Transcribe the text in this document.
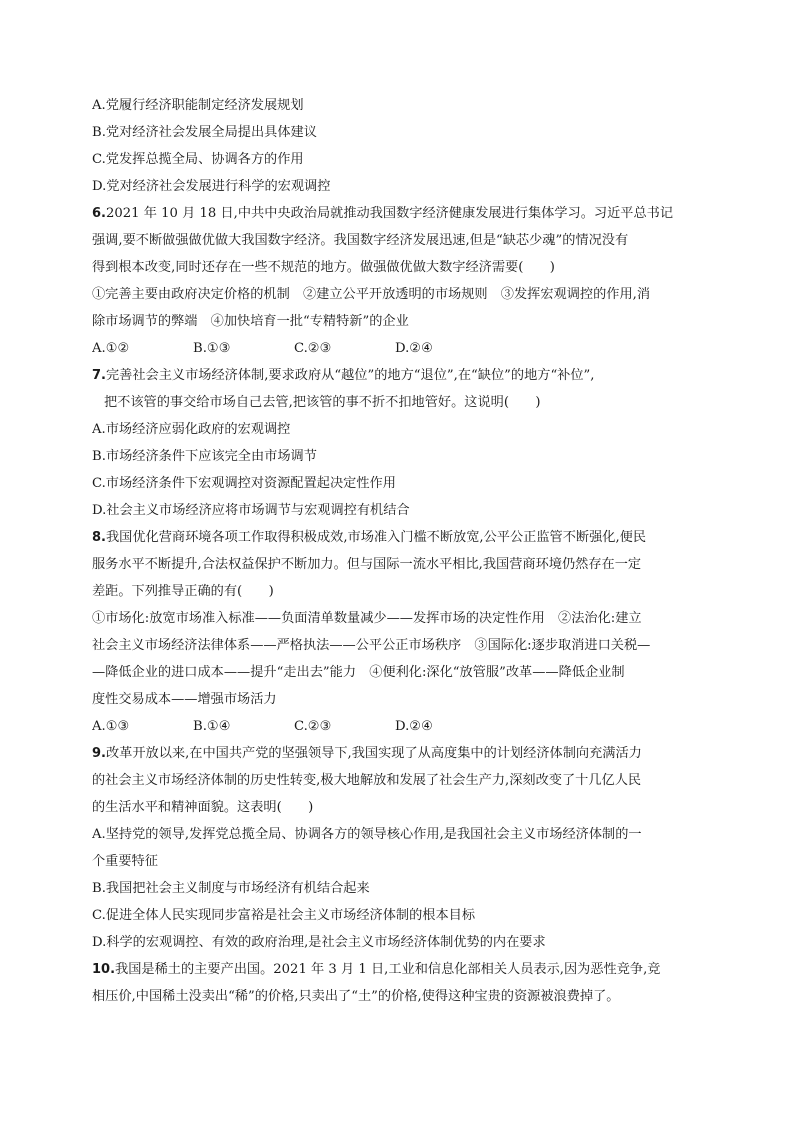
A.党履行经济职能制定经济发展规划
B.党对经济社会发展全局提出具体建议
C.党发挥总揽全局、协调各方的作用
D.党对经济社会发展进行科学的宏观调控
6.2021 年 10 月 18 日,中共中央政治局就推动我国数字经济健康发展进行集体学习。习近平总书记
强调,要不断做强做优做大我国数字经济。我国数字经济发展迅速,但是“缺芯少魂”的情况没有
得到根本改变,同时还存在一些不规范的地方。做强做优做大数字经济需要(　　)
①完善主要由政府决定价格的机制　②建立公平开放透明的市场规则　③发挥宏观调控的作用,消
除市场调节的弊端　④加快培育一批“专精特新”的企业
A.①②	B.①③	C.②③	D.②④
7.完善社会主义市场经济体制,要求政府从“越位”的地方“退位”,在“缺位”的地方“补位”,
把不该管的事交给市场自己去管,把该管的事不折不扣地管好。这说明(　　)
A.市场经济应弱化政府的宏观调控
B.市场经济条件下应该完全由市场调节
C.市场经济条件下宏观调控对资源配置起决定性作用
D.社会主义市场经济应将市场调节与宏观调控有机结合
8.我国优化营商环境各项工作取得积极成效,市场准入门槛不断放宽,公平公正监管不断强化,便民
服务水平不断提升,合法权益保护不断加力。但与国际一流水平相比,我国营商环境仍然存在一定
差距。下列推导正确的有(　　)
①市场化:放宽市场准入标准——负面清单数量减少——发挥市场的决定性作用　②法治化:建立
社会主义市场经济法律体系——严格执法——公平公正市场秩序　③国际化:逐步取消进口关税—
—降低企业的进口成本——提升“走出去”能力　④便利化:深化“放管服”改革——降低企业制
度性交易成本——增强市场活力
A.①③	B.①④	C.②③	D.②④
9.改革开放以来,在中国共产党的坚强领导下,我国实现了从高度集中的计划经济体制向充满活力
的社会主义市场经济体制的历史性转变,极大地解放和发展了社会生产力,深刻改变了十几亿人民
的生活水平和精神面貌。这表明(　　)
A.坚持党的领导,发挥党总揽全局、协调各方的领导核心作用,是我国社会主义市场经济体制的一
个重要特征
B.我国把社会主义制度与市场经济有机结合起来
C.促进全体人民实现同步富裕是社会主义市场经济体制的根本目标
D.科学的宏观调控、有效的政府治理,是社会主义市场经济体制优势的内在要求
10.我国是稀土的主要产出国。2021 年 3 月 1 日,工业和信息化部相关人员表示,因为恶性竞争,竞
相压价,中国稀土没卖出“稀”的价格,只卖出了“土”的价格,使得这种宝贵的资源被浪费掉了。
